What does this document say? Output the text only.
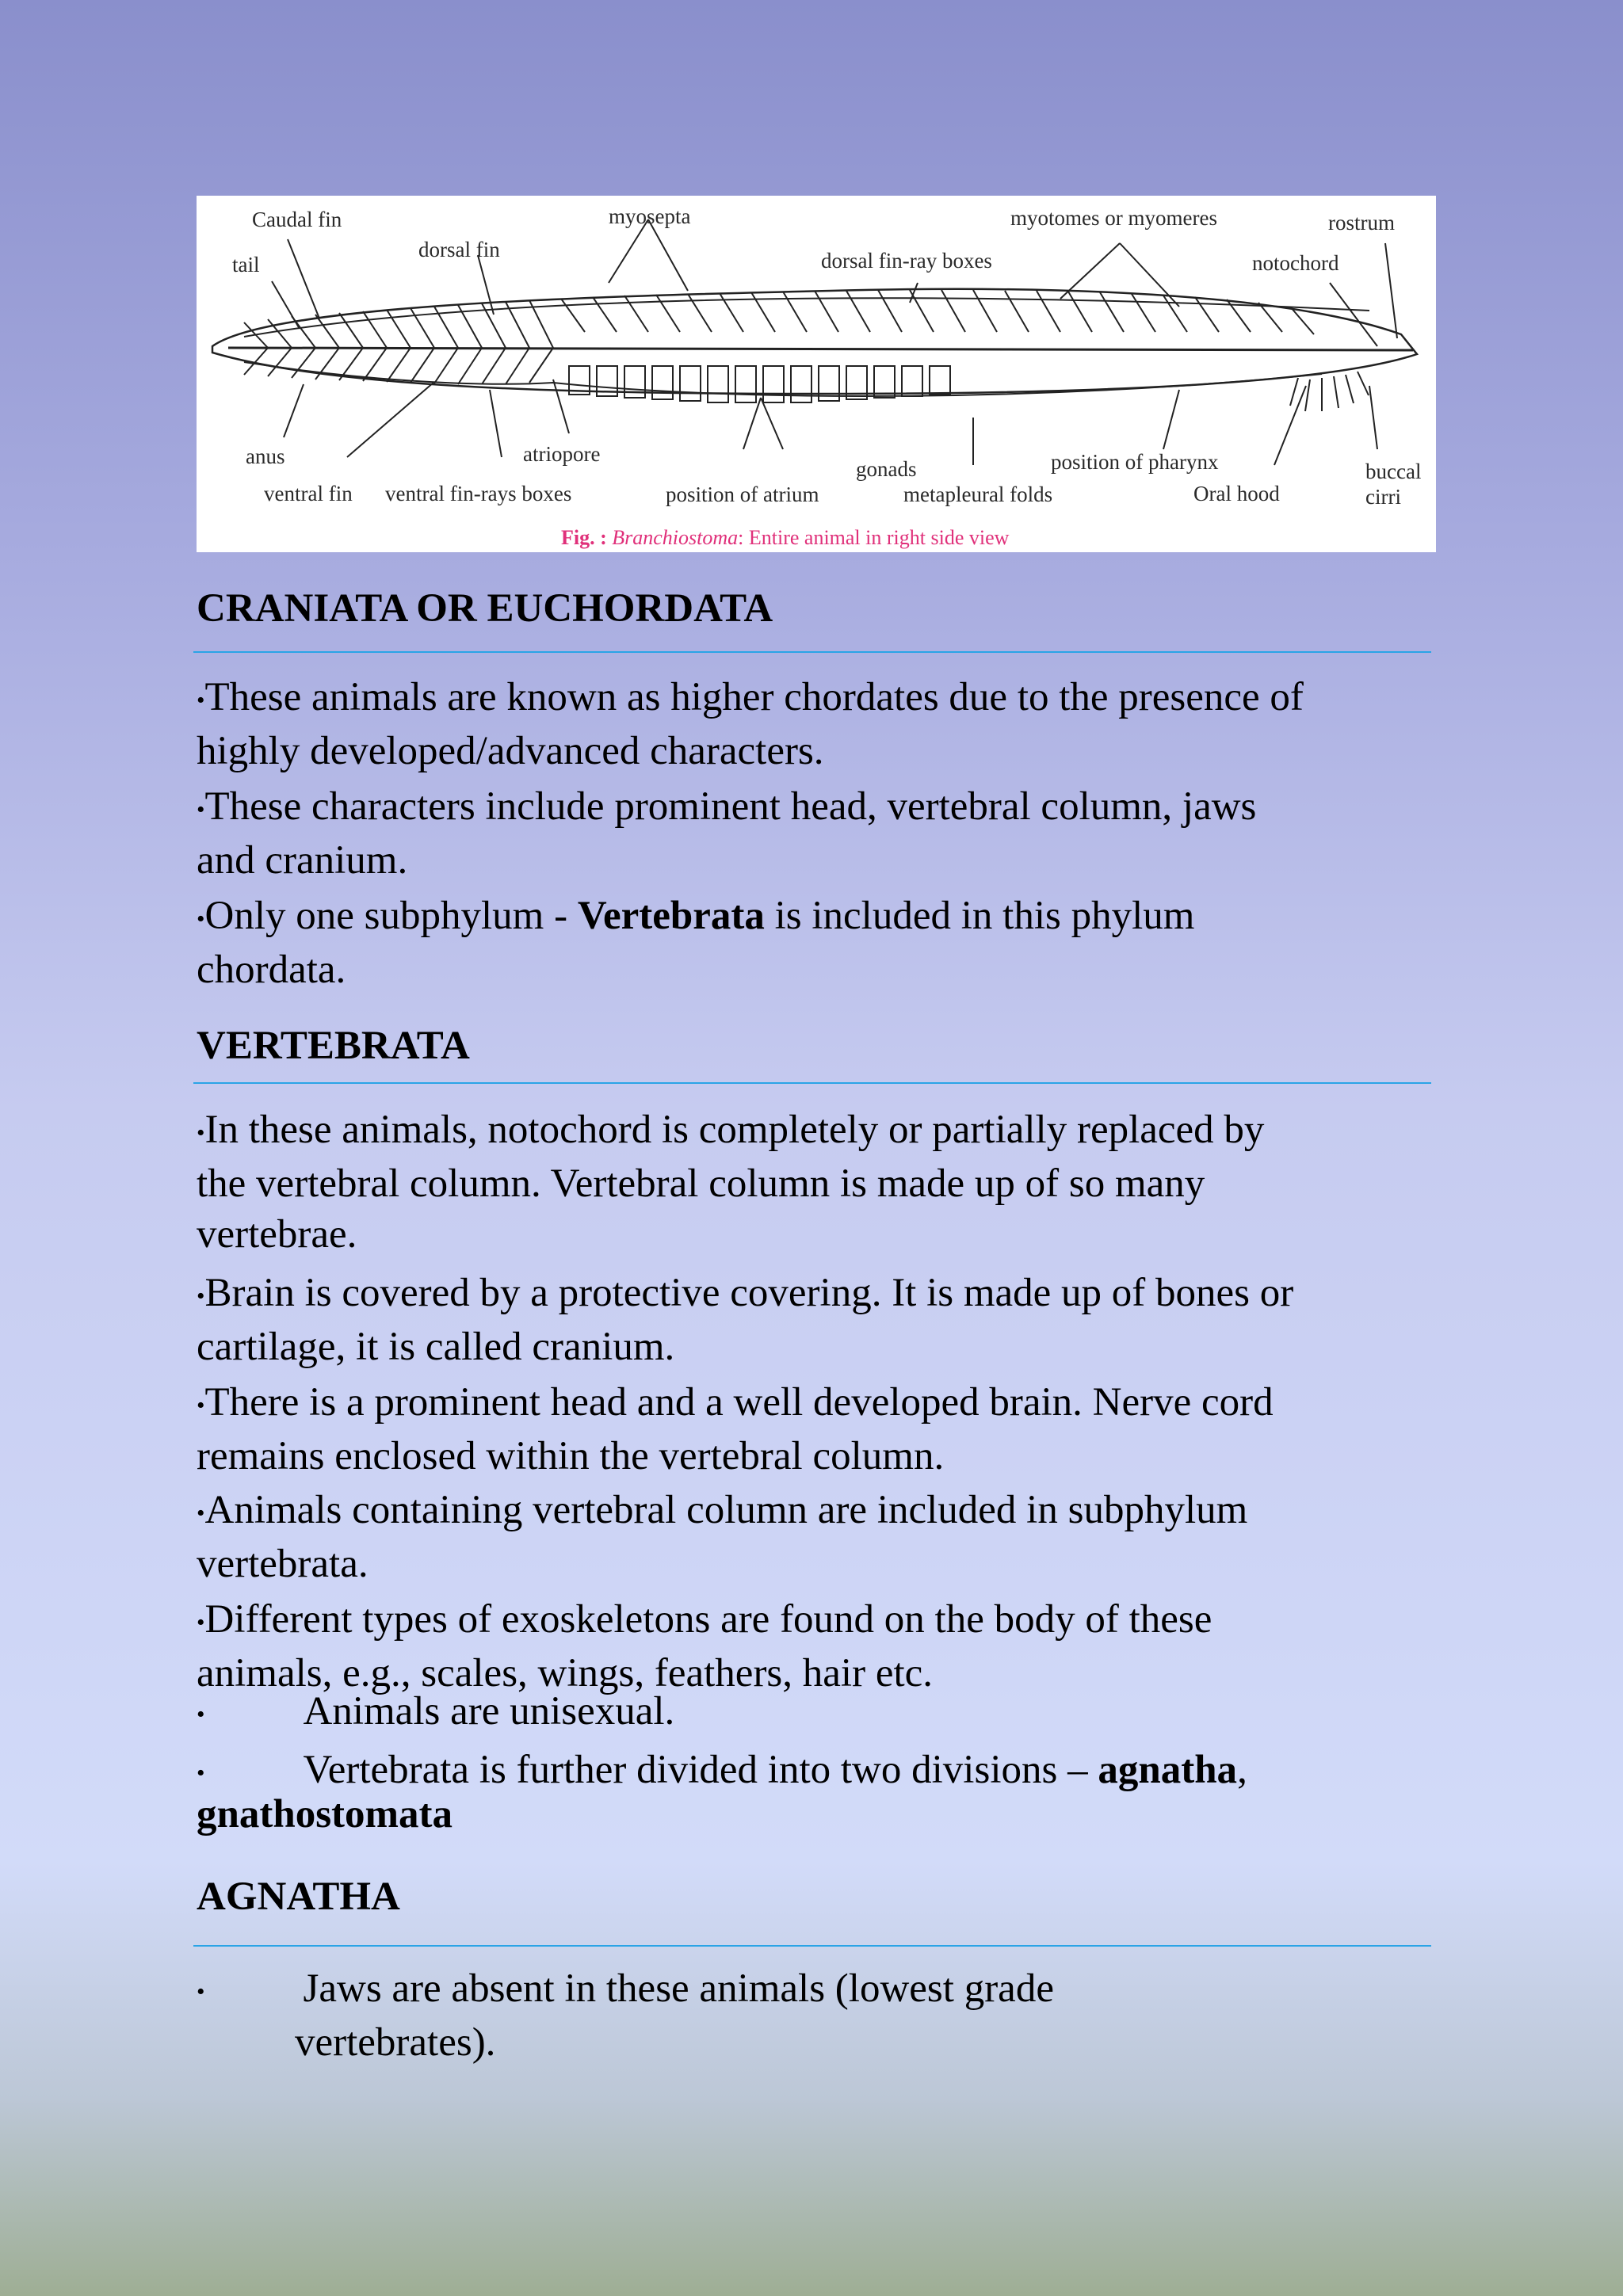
Caudal fin
tail
dorsal fin
myosepta
dorsal fin-ray boxes
myotomes or myomeres
notochord
rostrum
anus
ventral fin
atriopore
ventral fin-rays boxes	position of atrium
gonads
metapleural folds
position of pharynx
Oral hood
buccal
cirri
Fig. : Branchiostoma: Entire animal in right side view
CRANIATA OR EUCHORDATA

•These animals are known as higher chordates due to the presence of
highly developed/advanced characters.

•These characters include prominent head, vertebral column, jaws
and cranium.

•Only one subphylum - Vertebrata is included in this phylum
chordata.

VERTEBRATA

•In these animals, notochord is completely or partially replaced by
the vertebral column. Vertebral column is made up of so many
vertebrae.

•Brain is covered by a protective covering. It is made up of bones or
cartilage, it is called cranium.

•There is a prominent head and a well developed brain. Nerve cord
remains enclosed within the vertebral column.

•Animals containing vertebral column are included in subphylum
vertebrata.

•Different types of exoskeletons are found on the body of these
animals, e.g., scales, wings, feathers, hair etc.

• Animals are unisexual.

• Vertebrata is further divided into two divisions – agnatha,
gnathostomata

AGNATHA

• Jaws are absent in these animals (lowest grade
vertebrates).
